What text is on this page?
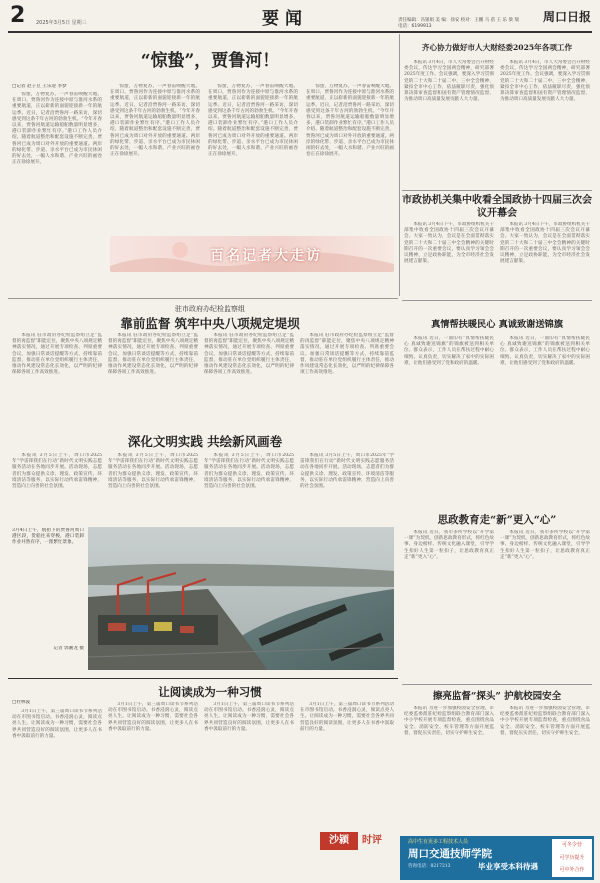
2 2025年3月5日 星期三	要闻	责任编辑：冯银娟 美 编：徐安 校对：王鹏 马 蓓 王 乐 梁 瑞
电话：6199913
周口日报
“惊蛰”，贾鲁河！
□记者 赵子豆 王乐迎 李梦

惊蛰，万物复苏，一声春雷唤醒大地。在周口，贾鲁河作为连接中原与淮河水系的重要航道，正以崭新的面貌迎接新一年的航运季。近日，记者沿贾鲁河一路采访，深切感受到这条千年古河的勃勃生机。“今年开春以来，贾鲁河航道运输船舶数量明显增多，港口装卸作业繁忙有序。”港口工作人员介绍。随着航道整治和配套设施不断完善，贾鲁河已成为周口对外开放的重要通道。两岸的绿化带、步道、亲水平台已成为市民休闲的好去处，一幅人水和谐、产业兴旺的画卷正在徐徐展开。

惊蛰，万物复苏，一声春雷唤醒大地。在周口，贾鲁河作为连接中原与淮河水系的重要航道，正以崭新的面貌迎接新一年的航运季。近日，记者沿贾鲁河一路采访，深切感受到这条千年古河的勃勃生机。“今年开春以来，贾鲁河航道运输船舶数量明显增多，港口装卸作业繁忙有序。”港口工作人员介绍。随着航道整治和配套设施不断完善，贾鲁河已成为周口对外开放的重要通道。两岸的绿化带、步道、亲水平台已成为市民休闲的好去处，一幅人水和谐、产业兴旺的画卷正在徐徐展开。

惊蛰，万物复苏，一声春雷唤醒大地。在周口，贾鲁河作为连接中原与淮河水系的重要航道，正以崭新的面貌迎接新一年的航运季。近日，记者沿贾鲁河一路采访，深切感受到这条千年古河的勃勃生机。“今年开春以来，贾鲁河航道运输船舶数量明显增多，港口装卸作业繁忙有序。”港口工作人员介绍。随着航道整治和配套设施不断完善，贾鲁河已成为周口对外开放的重要通道。两岸的绿化带、步道、亲水平台已成为市民休闲的好去处，一幅人水和谐、产业兴旺的画卷正在徐徐展开。

惊蛰，万物复苏，一声春雷唤醒大地。在周口，贾鲁河作为连接中原与淮河水系的重要航道，正以崭新的面貌迎接新一年的航运季。近日，记者沿贾鲁河一路采访，深切感受到这条千年古河的勃勃生机。“今年开春以来，贾鲁河航道运输船舶数量明显增多，港口装卸作业繁忙有序。”港口工作人员介绍。随着航道整治和配套设施不断完善，贾鲁河已成为周口对外开放的重要通道。两岸的绿化带、步道、亲水平台已成为市民休闲的好去处，一幅人水和谐、产业兴旺的画卷正在徐徐展开。

百名记者大走访
齐心协力做好市人大财经委2025年各项工作

本报讯 3月4日，市人大常委会召开财经委会议，传达学习全国两会精神，研究部署2025年度工作。会议强调，要深入学习贯彻党的二十大和二十届二中、三中全会精神，紧扣全市中心工作，依法履职尽责，强化预算决算审查监督和国有资产管理情况监督，为推动周口高质量发展贡献人大力量。

本报讯 3月4日，市人大常委会召开财经委会议，传达学习全国两会精神，研究部署2025年度工作。会议强调，要深入学习贯彻党的二十大和二十届二中、三中全会精神，紧扣全市中心工作，依法履职尽责，强化预算决算审查监督和国有资产管理情况监督，为推动周口高质量发展贡献人大力量。

市政协机关集中收看全国政协十四届三次会议开幕会

本报讯 3月4日下午，市政协组织机关干部集中收看全国政协十四届三次会议开幕会。大家一致认为，会议是在全面贯彻落实党的二十大和二十届三中全会精神的关键时期召开的一次重要会议，要认真学习领会会议精神，立足政协职能，为全市经济社会发展建言献策。

本报讯 3月4日下午，市政协组织机关干部集中收看全国政协十四届三次会议开幕会。大家一致认为，会议是在全面贯彻落实党的二十大和二十届三中全会精神的关键时期召开的一次重要会议，要认真学习领会会议精神，立足政协职能，为全市经济社会发展建言献策。

驻市政府办纪检监察组
靠前监督 筑牢中央八项规定堤坝

本报讯 驻市政府办纪检监察组立足“监督的再监督”职能定位，聚焦中央八项规定精神落实情况，通过开展专项检查、列席重要会议、加强日常谈话提醒等方式，持续靠前监督，推动驻在单位党组织履行主体责任，推动作风建设常态化长效化，以严明的纪律保障各项工作高效推进。

本报讯 驻市政府办纪检监察组立足“监督的再监督”职能定位，聚焦中央八项规定精神落实情况，通过开展专项检查、列席重要会议、加强日常谈话提醒等方式，持续靠前监督，推动驻在单位党组织履行主体责任，推动作风建设常态化长效化，以严明的纪律保障各项工作高效推进。

本报讯 驻市政府办纪检监察组立足“监督的再监督”职能定位，聚焦中央八项规定精神落实情况，通过开展专项检查、列席重要会议、加强日常谈话提醒等方式，持续靠前监督，推动驻在单位党组织履行主体责任，推动作风建设常态化长效化，以严明的纪律保障各项工作高效推进。

本报讯 驻市政府办纪检监察组立足“监督的再监督”职能定位，聚焦中央八项规定精神落实情况，通过开展专项检查、列席重要会议、加强日常谈话提醒等方式，持续靠前监督，推动驻在单位党组织履行主体责任，推动作风建设常态化长效化，以严明的纪律保障各项工作高效推进。

深化文明实践 共绘新风画卷

本报讯 3月5日上午，周口市2025年“学雷锋我们在行动”新时代文明实践志愿服务活动在各地同步开展。活动现场，志愿者们为群众提供义诊、理发、政策宣传、环境清洁等服务，以实际行动传承雷锋精神，营造向上向善的社会氛围。

本报讯 3月5日上午，周口市2025年“学雷锋我们在行动”新时代文明实践志愿服务活动在各地同步开展。活动现场，志愿者们为群众提供义诊、理发、政策宣传、环境清洁等服务，以实际行动传承雷锋精神，营造向上向善的社会氛围。

本报讯 3月5日上午，周口市2025年“学雷锋我们在行动”新时代文明实践志愿服务活动在各地同步开展。活动现场，志愿者们为群众提供义诊、理发、政策宣传、环境清洁等服务，以实际行动传承雷锋精神，营造向上向善的社会氛围。

本报讯 3月5日上午，周口市2025年“学雷锋我们在行动”新时代文明实践志愿服务活动在各地同步开展。活动现场，志愿者们为群众提供义诊、理发、政策宣传、环境清洁等服务，以实际行动传承雷锋精神，营造向上向善的社会氛围。

3月4日上午，航拍下的贾鲁河周口港区段，货船往来穿梭，港口装卸作业井然有序，一派繁忙景象。
记者 郭湘龙 摄
真情帮扶暖民心 真诚致谢送锦旗

本报讯 近日，一面印有“真情帮扶暖民心 真诚致谢送锦旗”的锦旗被送到相关单位。群众表示，工作人员在帮扶过程中耐心细致、认真负责，切实解决了家中的实际困难，让他们感受到了党和政府的温暖。

本报讯 近日，一面印有“真情帮扶暖民心 真诚致谢送锦旗”的锦旗被送到相关单位。群众表示，工作人员在帮扶过程中耐心细致、认真负责，切实解决了家中的实际困难，让他们感受到了党和政府的温暖。

思政教育走“新”更入“心”

本报讯 近日，我市多所学校以“开学第一课”为契机，创新思政教育形式，将红色故事、身边榜样、传统文化融入课堂，引导学生扣好人生第一粒扣子，让思政教育真正走“新”更入“心”。

本报讯 近日，我市多所学校以“开学第一课”为契机，创新思政教育形式，将红色故事、身边榜样、传统文化融入课堂，引导学生扣好人生第一粒扣子，让思政教育真正走“新”更入“心”。

让阅读成为一种习惯
□杜林波

3月1日上午，第三届周口读书节系列活动在市图书馆启动。书香浸润心灵，阅读点亮人生。让阅读成为一种习惯，需要社会各界共同营造良好的阅读氛围，让更多人在书香中汲取前行的力量。

3月1日上午，第三届周口读书节系列活动在市图书馆启动。书香浸润心灵，阅读点亮人生。让阅读成为一种习惯，需要社会各界共同营造良好的阅读氛围，让更多人在书香中汲取前行的力量。

3月1日上午，第三届周口读书节系列活动在市图书馆启动。书香浸润心灵，阅读点亮人生。让阅读成为一种习惯，需要社会各界共同营造良好的阅读氛围，让更多人在书香中汲取前行的力量。

3月1日上午，第三届周口读书节系列活动在市图书馆启动。书香浸润心灵，阅读点亮人生。让阅读成为一种习惯，需要社会各界共同营造良好的阅读氛围，让更多人在书香中汲取前行的力量。

沙颍	时评
擦亮监督“探头” 护航校园安全

本报讯 为进一步加强校园安全管理，市纪委监委派驻纪检监察组联合教育部门深入中小学校开展专项监督检查，重点围绕食品安全、消防安全、校车管理等方面开展监督，督促压实责任，切实守护师生安全。

本报讯 为进一步加强校园安全管理，市纪委监委派驻纪检监察组联合教育部门深入中小学校开展专项监督检查，重点围绕食品安全、消防安全、校车管理等方面开展监督，督促压实责任，切实守护师生安全。

高中生有更多工程技术人员
周口交通技师学院
咨询电话：8217213	毕业享受本科待遇
可冬令营
可学历提升
可中外合作
